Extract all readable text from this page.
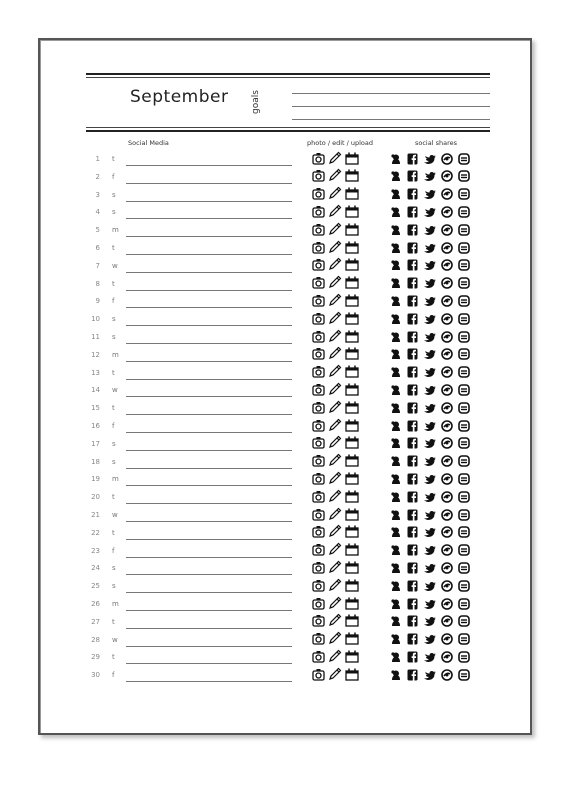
September	goals
Social Media	photo / edit / upload	social shares
1 t
2 f
3 s
4 s
5 m
6 t
7 w
8 t
9 f
10 s
11 s
12 m
13 t
14 w
15 t
16 f
17 s
18 s
19 m
20 t
21 w
22 t
23 f
24 s
25 s
26 m
27 t
28 w
29 t
30 f
